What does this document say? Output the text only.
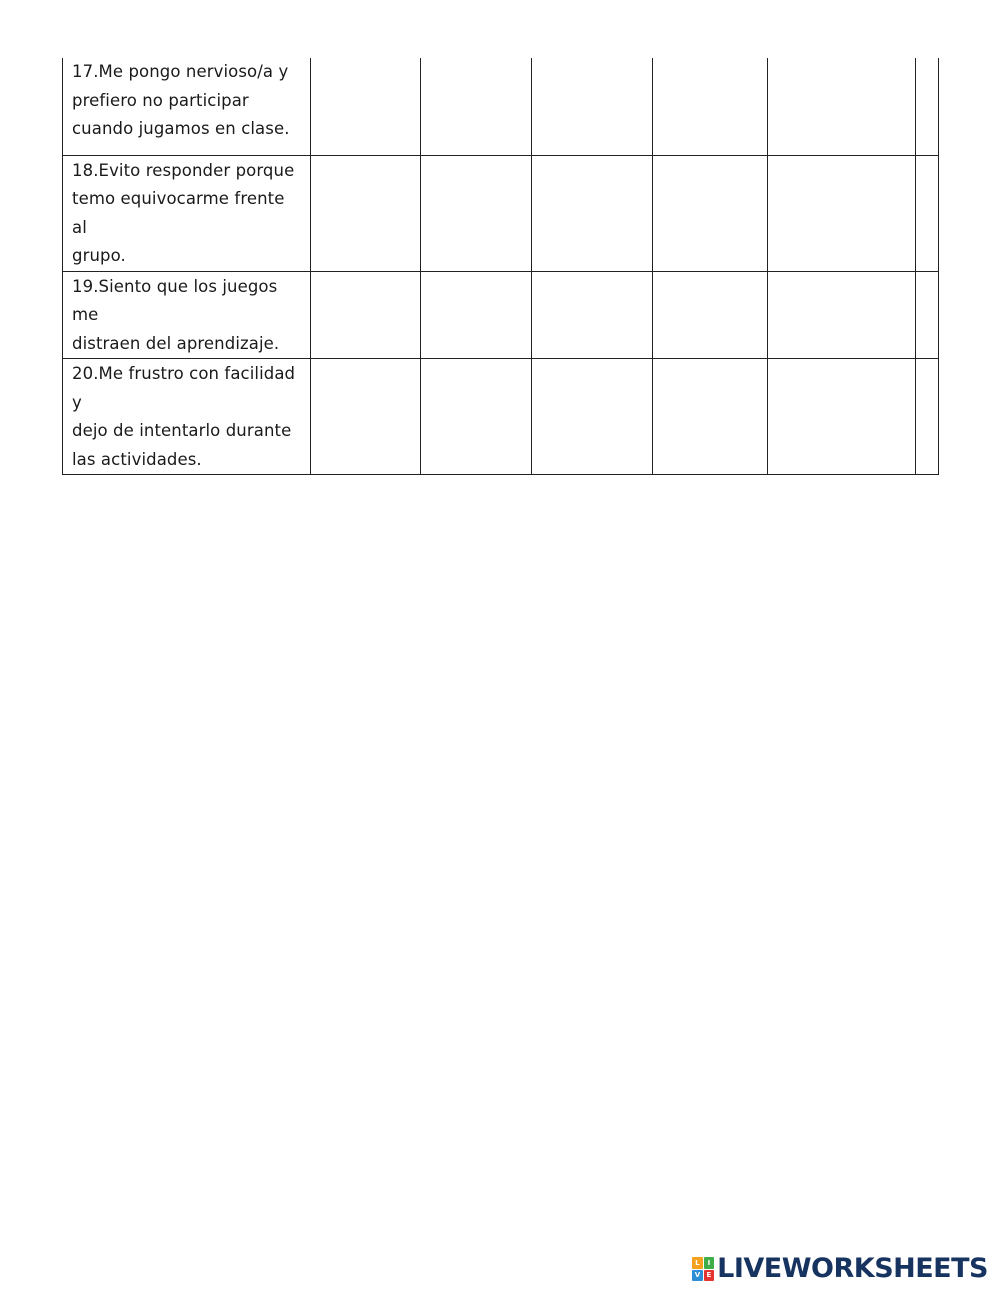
17.Me pongo nervioso/a y
prefiero no participar
cuando jugamos en clase.						

18.Evito responder porque
temo equivocarme frente al
grupo.						

19.Siento que los juegos me
distraen del aprendizaje.						

20.Me frustro con facilidad y
dejo de intentarlo durante
las actividades.						

L	I
V E LIVEWORKSHEETS
